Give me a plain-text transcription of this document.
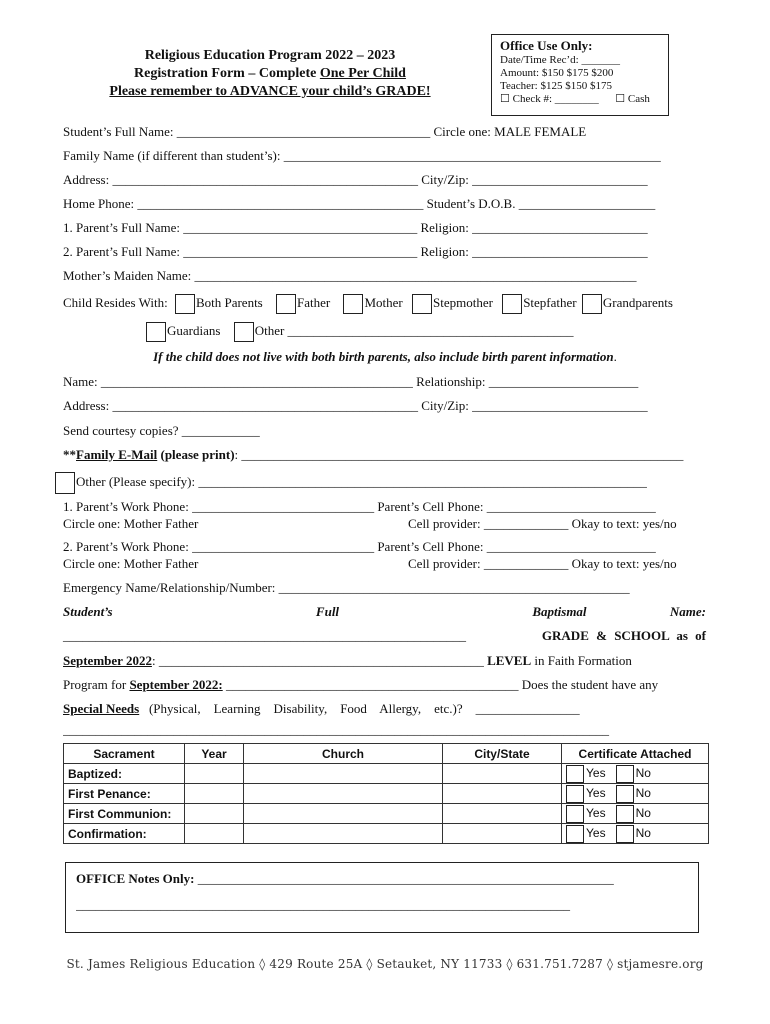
Religious Education Program 2022 – 2023
Registration Form – Complete One Per Child
Please remember to ADVANCE your child’s GRADE!
Office Use Only:
Date/Time Rec’d: _______
Amount: $150 $175 $200
Teacher: $125 $150 $175
☐ Check #: ________ ☐ Cash
Student’s Full Name: _______________________________________ Circle one: MALE FEMALE
Family Name (if different than student’s): __________________________________________________________
Address: _______________________________________________ City/Zip: ___________________________
Home Phone: ____________________________________________ Student’s D.O.B. _____________________
1. Parent’s Full Name: ____________________________________ Religion: ___________________________
2. Parent’s Full Name: ____________________________________ Religion: ___________________________
Mother’s Maiden Name: ____________________________________________________________________
Child Resides With: Both Parents	Father	Mother Stepmother Stepfather Grandparents
Guardians	Other ____________________________________________
If the child does not live with both birth parents, also include birth parent information.
Name: ________________________________________________ Relationship: _______________________
Address: _______________________________________________ City/Zip: ___________________________
Send courtesy copies? ____________
**Family E-Mail (please print): ____________________________________________________________________
Other (Please specify): _____________________________________________________________________
1. Parent’s Work Phone: ____________________________ Parent’s Cell Phone: __________________________
Circle one: Mother Father	Cell provider: _____________ Okay to text: yes/no
2. Parent’s Work Phone: ____________________________ Parent’s Cell Phone: __________________________
Circle one: Mother Father	Cell provider: _____________ Okay to text: yes/no
Emergency Name/Relationship/Number: ______________________________________________________
Student’s	Full	Baptismal	Name:
______________________________________________________________	GRADE & SCHOOL as of
September 2022: __________________________________________________ LEVEL in Faith Formation
Program for September 2022: _____________________________________________ Does the student have any
Special Needs   (Physical,    Learning    Disability,    Food    Allergy,    etc.)?    ________________
____________________________________________________________________________________
Sacrament	Year	Church	City/State	Certificate Attached
Baptized:				Yes No
First Penance:				Yes No
First Communion:				Yes No
Confirmation:				Yes No
OFFICE Notes Only: ________________________________________________________________
____________________________________________________________________________
St. James Religious Education ◊ 429 Route 25A ◊ Setauket, NY 11733 ◊ 631.751.7287 ◊ stjamesre.org
